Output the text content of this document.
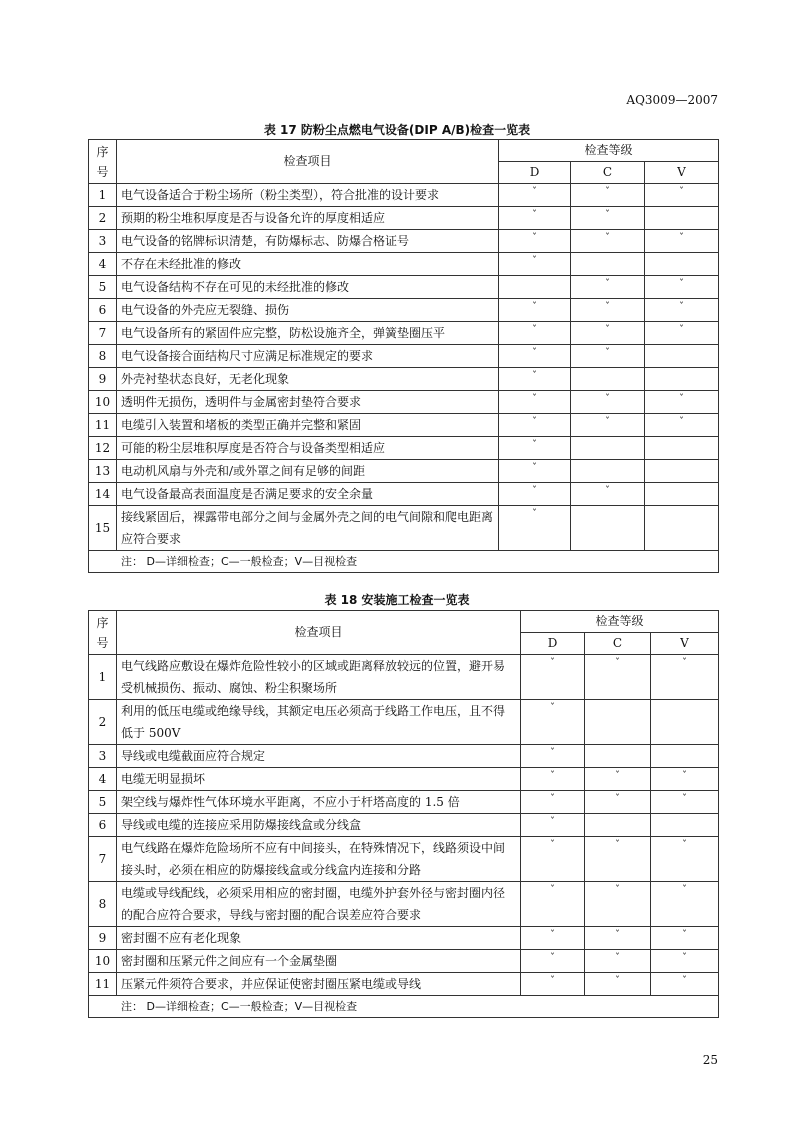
AQ3009—2007
表 17 防粉尘点燃电气设备(DIP A/B)检查一览表
序
号	检查项目	检查等级		
		D	C	V
1	电气设备适合于粉尘场所（粉尘类型），符合批准的设计要求	ˇ	ˇ	ˇ
2	预期的粉尘堆积厚度是否与设备允许的厚度相适应	ˇ	ˇ	
3	电气设备的铭牌标识清楚，有防爆标志、防爆合格证号	ˇ	ˇ	ˇ
4	不存在未经批准的修改	ˇ		
5	电气设备结构不存在可见的未经批准的修改		ˇ	ˇ
6	电气设备的外壳应无裂缝、损伤	ˇ	ˇ	ˇ
7	电气设备所有的紧固件应完整，防松设施齐全，弹簧垫圈压平	ˇ	ˇ	ˇ
8	电气设备接合面结构尺寸应满足标准规定的要求	ˇ	ˇ	
9	外壳衬垫状态良好，无老化现象	ˇ		
10	透明件无损伤，透明件与金属密封垫符合要求	ˇ	ˇ	ˇ
11	电缆引入装置和堵板的类型正确并完整和紧固	ˇ	ˇ	ˇ
12	可能的粉尘层堆积厚度是否符合与设备类型相适应	ˇ		
13	电动机风扇与外壳和/或外罩之间有足够的间距	ˇ		
14	电气设备最高表面温度是否满足要求的安全余量	ˇ	ˇ	
15	接线紧固后，裸露带电部分之间与金属外壳之间的电气间隙和爬电距离应符合要求	ˇ		
注： D—详细检查；C—一般检查；V—目视检查				
表 18 安装施工检查一览表
序
号	检查项目	检查等级		
		D	C	V
1	电气线路应敷设在爆炸危险性较小的区域或距离释放较远的位置，避开易受机械损伤、振动、腐蚀、粉尘积聚场所	ˇ	ˇ	ˇ
2	利用的低压电缆或绝缘导线，其额定电压必须高于线路工作电压，且不得低于 500V	ˇ		
3	导线或电缆截面应符合规定	ˇ		
4	电缆无明显损坏	ˇ	ˇ	ˇ
5	架空线与爆炸性气体环境水平距离，不应小于杆塔高度的 1.5 倍	ˇ	ˇ	ˇ
6	导线或电缆的连接应采用防爆接线盒或分线盒	ˇ		
7	电气线路在爆炸危险场所不应有中间接头，在特殊情况下，线路须设中间接头时，必须在相应的防爆接线盒或分线盒内连接和分路	ˇ	ˇ	ˇ
8	电缆或导线配线，必须采用相应的密封圈，电缆外护套外径与密封圈内径的配合应符合要求，导线与密封圈的配合误差应符合要求	ˇ	ˇ	ˇ
9	密封圈不应有老化现象	ˇ	ˇ	ˇ
10	密封圈和压紧元件之间应有一个金属垫圈	ˇ	ˇ	ˇ
11	压紧元件须符合要求，并应保证使密封圈压紧电缆或导线	ˇ	ˇ	ˇ
注： D—详细检查；C—一般检查；V—目视检查				
25
